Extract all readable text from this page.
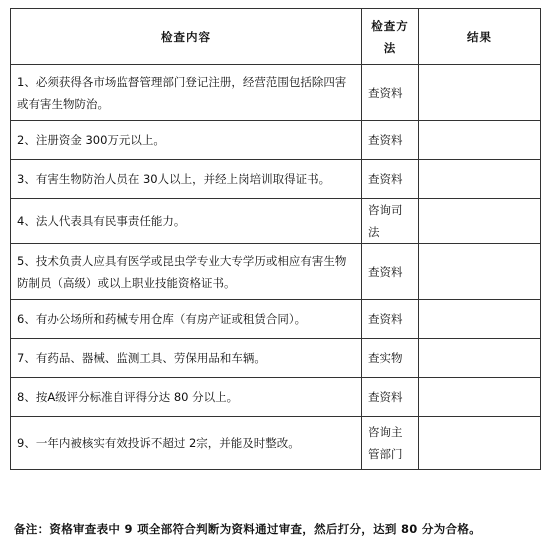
检查内容	检查方法	结果
1、必须获得各市场监督管理部门登记注册，经营范围包括除四害或有害生物防治。	查资料	
2、注册资金 300万元以上。	查资料	
3、有害生物防治人员在 30人以上，并经上岗培训取得证书。	查资料	
4、法人代表具有民事责任能力。	咨询司法	
5、技术负责人应具有医学或昆虫学专业大专学历或相应有害生物防制员（高级）或以上职业技能资格证书。	查资料	
6、有办公场所和药械专用仓库（有房产证或租赁合同）。	查资料	
7、有药品、器械、监测工具、劳保用品和车辆。	查实物	
8、按A级评分标准自评得分达 80 分以上。	查资料	
9、一年内被核实有效投诉不超过 2宗，并能及时整改。	咨询主管部门	
备注：资格审查表中 9 项全部符合判断为资料通过审查，然后打分，达到 80 分为合格。
